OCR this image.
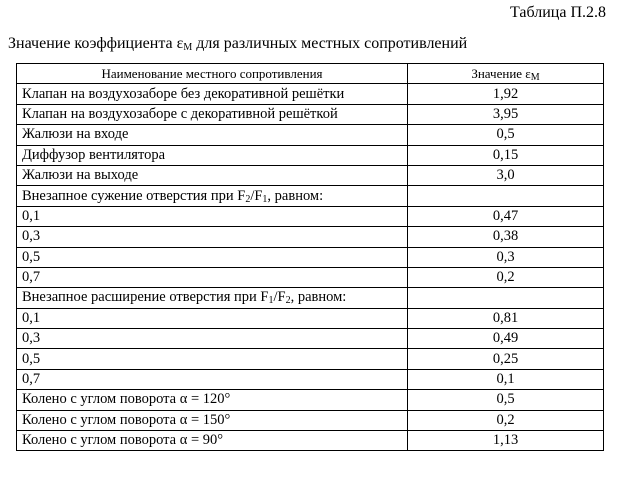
Таблица П.2.8
Значение коэффициента $\varepsilon_М$ для различных местных сопротивлений
Наименование местного сопротивления	Значение $\varepsilon_М$
Клапан на воздухозаборе без декоративной решётки	1,92
Клапан на воздухозаборе с декоративной решёткой	3,95
Жалюзи на входе	0,5
Диффузор вентилятора	0,15
Жалюзи на выходе	3,0
Внезапное сужение отверстия при $F_2/F_1$, равном:	
0,1	0,47
0,3	0,38
0,5	0,3
0,7	0,2
Внезапное расширение отверстия при $F_1/F_2$, равном:	
0,1	0,81
0,3	0,49
0,5	0,25
0,7	0,1
Колено с углом поворота α = 120°	0,5
Колено с углом поворота α = 150°	0,2
Колено с углом поворота α = 90°	1,13
